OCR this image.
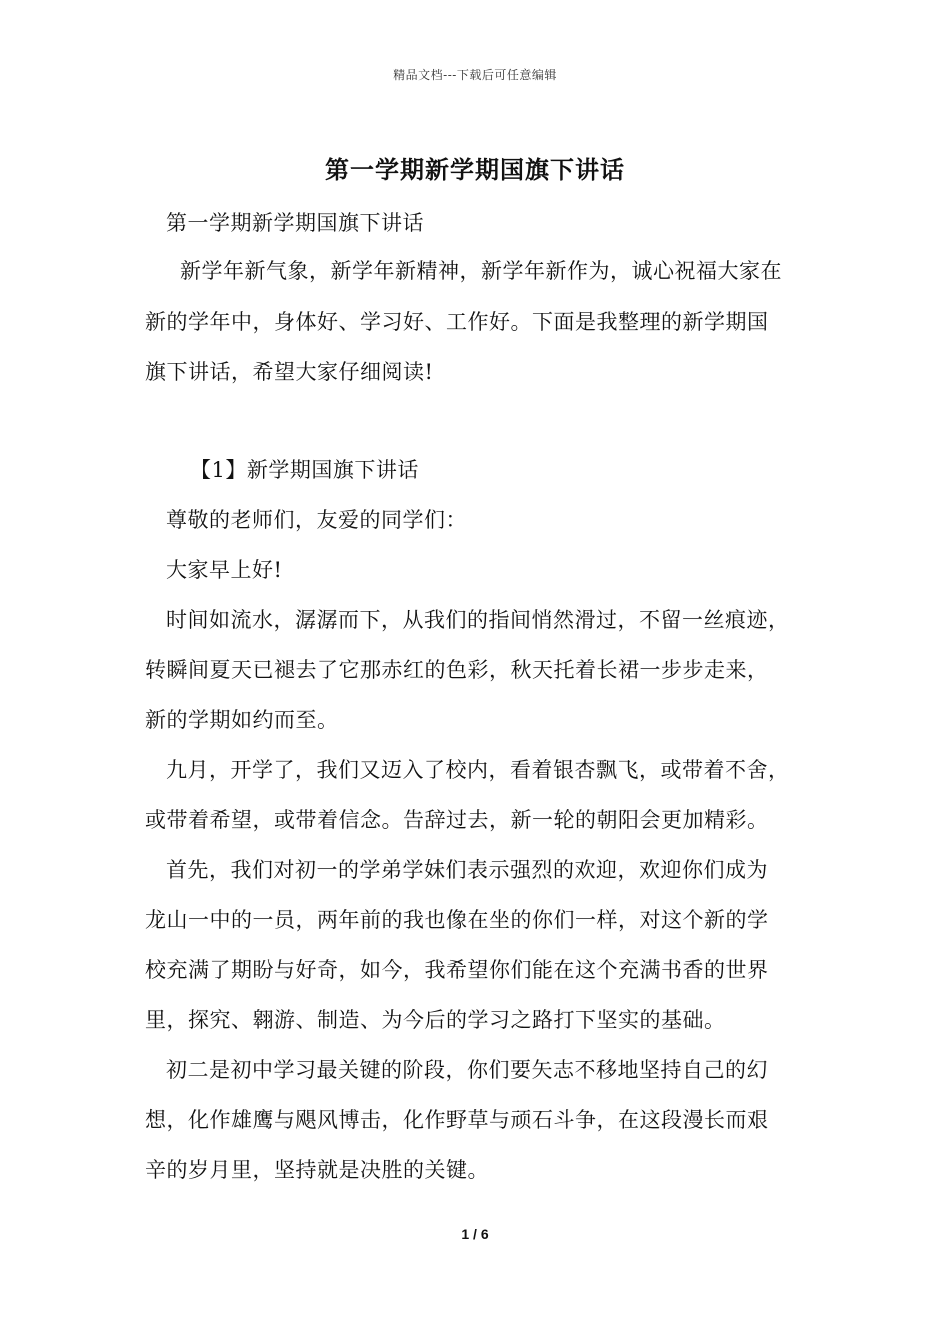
精品文档---下载后可任意编辑
第一学期新学期国旗下讲话
第一学期新学期国旗下讲话
新学年新气象，新学年新精神，新学年新作为，诚心祝福大家在
新的学年中，身体好、学习好、工作好。下面是我整理的新学期国
旗下讲话，希望大家仔细阅读!
【1】新学期国旗下讲话
尊敬的老师们，友爱的同学们：
大家早上好!
时间如流水，潺潺而下，从我们的指间悄然滑过，不留一丝痕迹，
转瞬间夏天已褪去了它那赤红的色彩，秋天托着长裙一步步走来，
新的学期如约而至。
九月，开学了，我们又迈入了校内，看着银杏飘飞，或带着不舍，
或带着希望，或带着信念。告辞过去，新一轮的朝阳会更加精彩。
首先，我们对初一的学弟学妹们表示强烈的欢迎，欢迎你们成为
龙山一中的一员，两年前的我也像在坐的你们一样，对这个新的学
校充满了期盼与好奇，如今，我希望你们能在这个充满书香的世界
里，探究、翱游、制造、为今后的学习之路打下坚实的基础。
初二是初中学习最关键的阶段，你们要矢志不移地坚持自己的幻
想，化作雄鹰与飓风博击，化作野草与顽石斗争，在这段漫长而艰
辛的岁月里，坚持就是决胜的关键。
1 / 6
